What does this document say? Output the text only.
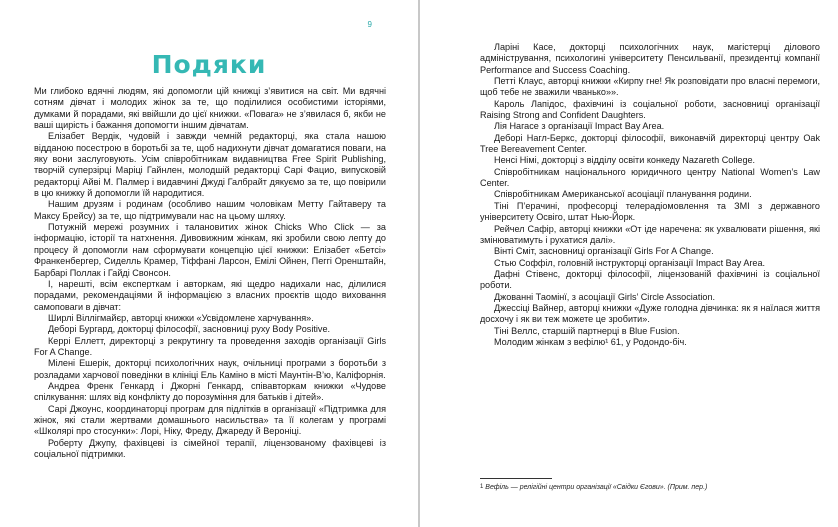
9
Подяки

Ми глибоко вдячні людям, які допомогли цій книжці з’явитися на світ. Ми вдячні сотням дівчат і молодих жінок за те, що поділилися особистими історіями, думками й порадами, які ввійшли до цієї книжки. «Повага» не з’явилася б, якби не ваші щирість і бажання допомогти іншим дівчатам.

Елізабет Вердік, чудовій і завжди чемній редакторці, яка стала нашою відданою посестрою в боротьбі за те, щоб надихнути дівчат домагатися поваги, на яку вони заслуговують. Усім співробітникам видавництва Free Spirit Publishing, творчій суперзірці Маріці Гайнлен, молодшій редакторці Сарі Фацио, випусковій редакторці Айві М. Палмер і видавчині Джуді Галбрайт дякуємо за те, що повірили в цю книжку й допомогли їй народитися.

Нашим друзям і родинам (особливо нашим чоловікам Метту Гайтаверу та Максу Брейсу) за те, що підтримували нас на цьому шляху.

Потужній мережі розумних і талановитих жінок Chicks Who Click — за інформацію, історії та натхнення. Дивовижним жінкам, які зробили свою лепту до процесу й допомогли нам сформувати концепцію цієї книжки: Елізабет «Бетсі» Франкенбергер, Сиделль Крамер, Тіффані Ларсон, Емілі Ойнен, Пеггі Оренштайн, Барбарі Поллак і Гайді Свонсон.

І, нарешті, всім експерткам і авторкам, які щедро надихали нас, ділилися порадами, рекомендаціями й інформацією з власних проєктів щодо виховання самоповаги в дівчат:

Ширлі Віллігмайєр, авторці книжки «Усвідомлене харчування».

Деборі Бургард, докторці філософії, засновниці руху Body Positive.

Керрі Еллетт, директорці з рекрутингу та проведення заходів організації Girls For A Change.

Мілені Ешерік, докторці психологічних наук, очільниці програми з боротьби з розладами харчової поведінки в клініці Ель Каміно в місті Маунтін-В’ю, Каліфорнія.

Андреа Френк Генкард і Джорні Генкард, співавторкам книжки «Чудове спілкування: шлях від конфлікту до порозуміння для батьків і дітей».

Сарі Джоунс, координаторці програм для підлітків в організації «Підтримка для жінок, які стали жертвами домашнього насильства» та її колегам у програмі «Школярі про стосунки»: Лорі, Ніку, Фреду, Джареду й Вероніці.

Роберту Джупу, фахівцеві із сімейної терапії, ліцензованому фахівцеві із соціальної підтримки.

Ларіні Касе, докторці психологічних наук, магістерці ділового адміністрування, психологині університету Пенсильванії, президентці компанії Performance and Success Coaching.

Петті Клаус, авторці книжки «Кирпу гне! Як розповідати про власні перемоги, щоб тебе не зважили чванько»».

Кароль Лапідос, фахівчині із соціальної роботи, засновниці організації Raising Strong and Confident Daughters.

Лія Нагасе з організації Impact Bay Area.

Деборі Нагл-Беркс, докторці філософії, виконавчій директорці центру Oak Tree Bereavement Center.

Ненсі Німі, докторці з відділу освіти конкеду Nazareth College.

Співробітникам національного юридичного центру National Women’s Law Center.

Співробітникам Американської асоціації планування родини.

Тіні П’ерачині, професорці телерадіомовлення та ЗМІ з державного університету Освіго, штат Нью-Йорк.

Рейчел Сафір, авторці книжки «От іде наречена: як ухвалювати рішення, які змінюватимуть і рухатися далі».

Вінті Сміт, засновниці організації Girls For A Change.

Стью Соффіл, головній інструкторці організації Impact Bay Area.

Дафні Стівенс, докторці філософії, ліцензованій фахівчині із соціальної роботи.

Джованні Таомінї, з асоціації Girls’ Circle Association.

Джессіці Вайнер, авторці книжки «Дуже голодна дівчинка: як я наїлася життя досхочу і як ви теж можете це зробити».

Тіні Веллс, старшій партнерці в Blue Fusion.

Молодим жінкам з вефілю¹ 61, у Родондо-біч.

1 Вефіль — релігійні центри організації «Свідки Єгови». (Прим. пер.)
